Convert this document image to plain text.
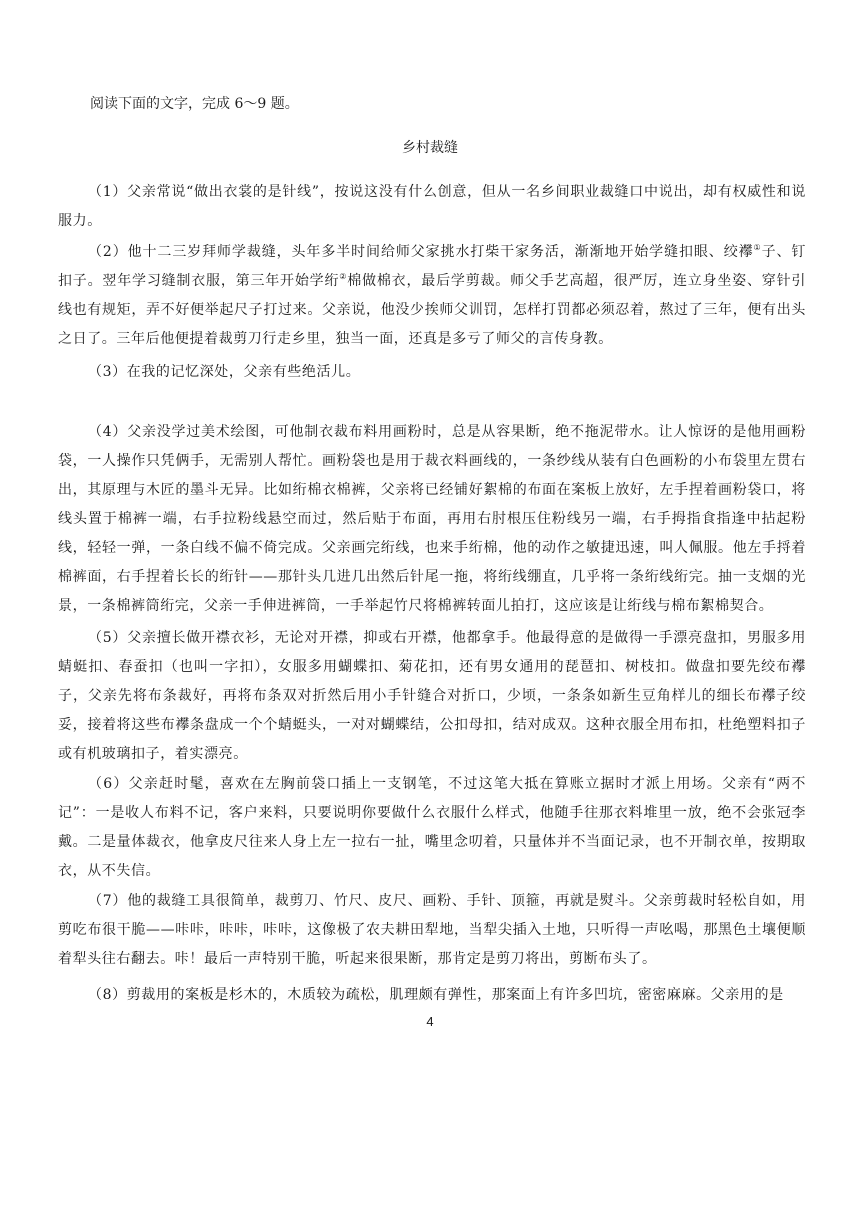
阅读下面的文字，完成 6～9 题。
乡村裁缝
（1）父亲常说“做出衣裳的是针线”，按说这没有什么创意，但从一名乡间职业裁缝口中说出，却有权威性和说服力。
（2）他十二三岁拜师学裁缝，头年多半时间给师父家挑水打柴干家务活，渐渐地开始学缝扣眼、绞襻①子、钉扣子。翌年学习缝制衣服，第三年开始学绗②棉做棉衣，最后学剪裁。师父手艺高超，很严厉，连立身坐姿、穿针引线也有规矩，弄不好便举起尺子打过来。父亲说，他没少挨师父训罚，怎样打罚都必须忍着，熬过了三年，便有出头之日了。三年后他便提着裁剪刀行走乡里，独当一面，还真是多亏了师父的言传身教。
（3）在我的记忆深处，父亲有些绝活儿。
（4）父亲没学过美术绘图，可他制衣裁布料用画粉时，总是从容果断，绝不拖泥带水。让人惊讶的是他用画粉袋，一人操作只凭俩手，无需别人帮忙。画粉袋也是用于裁衣料画线的，一条纱线从装有白色画粉的小布袋里左贯右出，其原理与木匠的墨斗无异。比如绗棉衣棉裤，父亲将已经铺好絮棉的布面在案板上放好，左手捏着画粉袋口，将线头置于棉裤一端，右手拉粉线悬空而过，然后贴于布面，再用右肘根压住粉线另一端，右手拇指食指逢中拈起粉线，轻轻一弹，一条白线不偏不倚完成。父亲画完绗线，也来手绗棉，他的动作之敏捷迅速，叫人佩服。他左手捋着棉裤面，右手捏着长长的绗针——那针头几进几出然后针尾一拖，将绗线绷直，几乎将一条绗线绗完。抽一支烟的光景，一条棉裤筒绗完，父亲一手伸进裤筒，一手举起竹尺将棉裤转面儿拍打，这应该是让绗线与棉布絮棉契合。
（5）父亲擅长做开襟衣衫，无论对开襟，抑或右开襟，他都拿手。他最得意的是做得一手漂亮盘扣，男服多用蜻蜓扣、春蚕扣（也叫一字扣），女服多用蝴蝶扣、菊花扣，还有男女通用的琵琶扣、树枝扣。做盘扣要先绞布襻子，父亲先将布条裁好，再将布条双对折然后用小手针缝合对折口，少顷，一条条如新生豆角样儿的细长布襻子绞妥，接着将这些布襻条盘成一个个蜻蜓头，一对对蝴蝶结，公扣母扣，结对成双。这种衣服全用布扣，杜绝塑料扣子或有机玻璃扣子，着实漂亮。
（6）父亲赶时髦，喜欢在左胸前袋口插上一支钢笔，不过这笔大抵在算账立据时才派上用场。父亲有“两不记”：一是收人布料不记，客户来料，只要说明你要做什么衣服什么样式，他随手往那衣料堆里一放，绝不会张冠李戴。二是量体裁衣，他拿皮尺往来人身上左一拉右一扯，嘴里念叨着，只量体并不当面记录，也不开制衣单，按期取衣，从不失信。
（7）他的裁缝工具很简单，裁剪刀、竹尺、皮尺、画粉、手针、顶箍，再就是熨斗。父亲剪裁时轻松自如，用剪吃布很干脆——咔咔，咔咔，咔咔，这像极了农夫耕田犁地，当犁尖插入土地，只听得一声吆喝，那黑色土壤便顺着犁头往右翻去。咔！最后一声特别干脆，听起来很果断，那肯定是剪刀将出，剪断布头了。
（8）剪裁用的案板是杉木的，木质较为疏松，肌理颇有弹性，那案面上有许多凹坑，密密麻麻。父亲用的是
4
